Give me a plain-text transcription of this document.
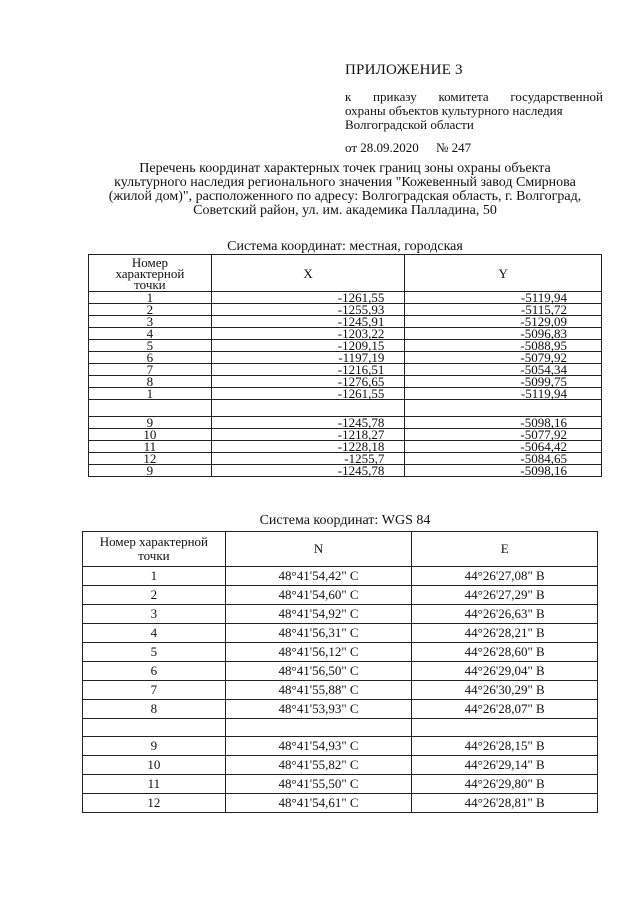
ПРИЛОЖЕНИЕ 3
к приказу комитета государственной
охраны объектов культурного наследия
Волгоградской области
от 28.09.2020 № 247
Перечень координат характерных точек границ зоны охраны объекта
культурного наследия регионального значения "Кожевенный завод Смирнова
(жилой дом)", расположенного по адресу: Волгоградская область, г. Волгоград,
Советский район, ул. им. академика Палладина, 50
Система координат: местная, городская
Номер
характерной
точки	X	Y
1	-1261,55	-5119,94
2	-1255,93	-5115,72
3	-1245,91	-5129,09
4	-1203,22	-5096,83
5	-1209,15	-5088,95
6	-1197,19	-5079,92
7	-1216,51	-5054,34
8	-1276,65	-5099,75
1	-1261,55	-5119,94

9	-1245,78	-5098,16
10	-1218,27	-5077,92
11	-1228,18	-5064,42
12	-1255,7	-5084,65
9	-1245,78	-5098,16
Система координат: WGS 84
Номер характерной
точки	N	E
1	48°41'54,42" С	44°26'27,08" В
2	48°41'54,60" С	44°26'27,29" В
3	48°41'54,92" С	44°26'26,63" В
4	48°41'56,31" С	44°26'28,21" В
5	48°41'56,12" С	44°26'28,60" В
6	48°41'56,50" С	44°26'29,04" В
7	48°41'55,88" С	44°26'30,29" В
8	48°41'53,93" С	44°26'28,07" В

9	48°41'54,93" С	44°26'28,15" В
10	48°41'55,82" С	44°26'29,14" В
11	48°41'55,50" С	44°26'29,80" В
12	48°41'54,61" С	44°26'28,81" В
